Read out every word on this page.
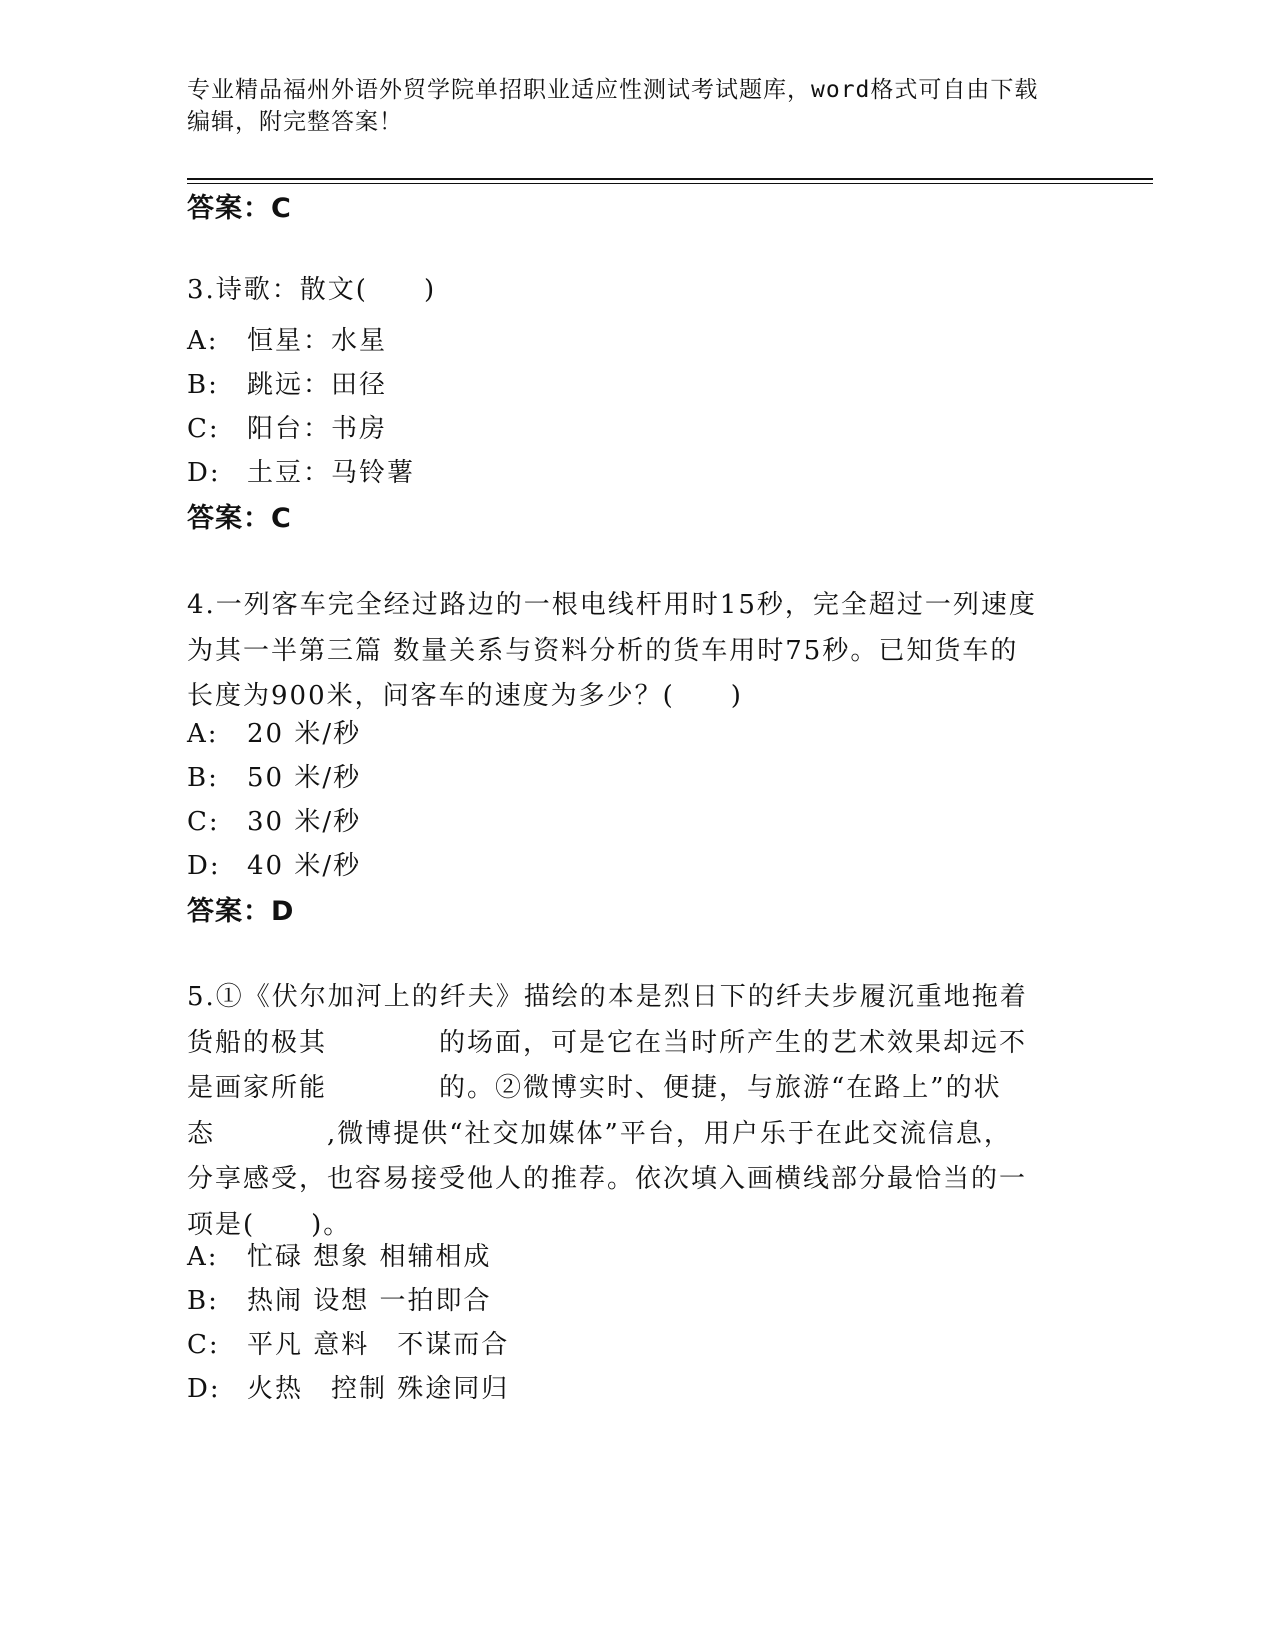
专业精品福州外语外贸学院单招职业适应性测试考试题库，word格式可自由下载
编辑，附完整答案！
答案：C
3.诗歌：散文(　　)
A: 恒星：水星
B: 跳远：田径
C: 阳台：书房
D: 土豆：马铃薯
答案：C
4.一列客车完全经过路边的一根电线杆用时15秒，完全超过一列速度
为其一半第三篇 数量关系与资料分析的货车用时75秒。已知货车的
长度为900米，问客车的速度为多少？(　　)
A: 20 米/秒
B: 50 米/秒
C: 30 米/秒
D: 40 米/秒
答案：D
5.①《伏尔加河上的纤夫》描绘的本是烈日下的纤夫步履沉重地拖着
货船的极其　　　　的场面，可是它在当时所产生的艺术效果却远不
是画家所能　　　　的。②微博实时、便捷，与旅游“在路上”的状
态　　　　,微博提供“社交加媒体”平台，用户乐于在此交流信息，
分享感受，也容易接受他人的推荐。依次填入画横线部分最恰当的一
项是(　　)。
A: 忙碌 想象 相辅相成
B: 热闹 设想 一拍即合
C: 平凡 意料　不谋而合
D: 火热　控制 殊途同归
